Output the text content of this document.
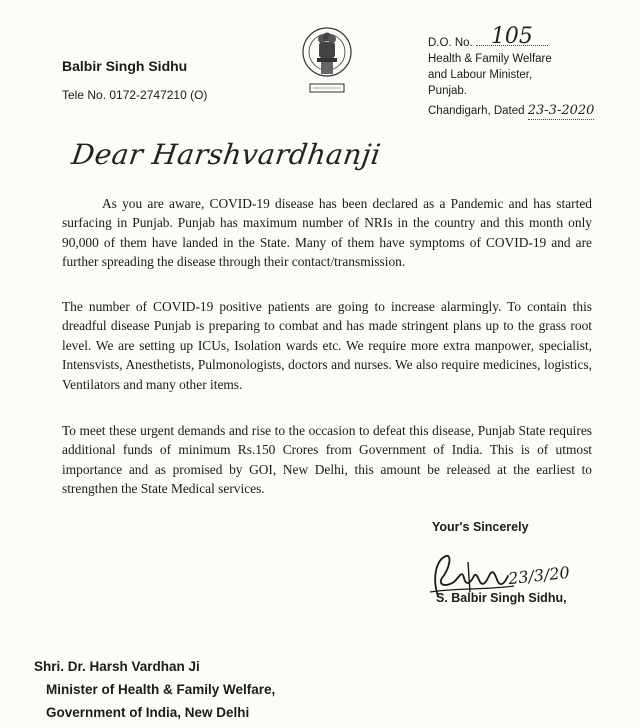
Balbir Singh Sidhu
Tele No. 0172-2747210 (O)
D.O. No. 105
Health & Family Welfare
and Labour Minister,
Punjab.
Chandigarh, Dated 23-3-2020
Dear Harshvardhanji
As you are aware, COVID-19 disease has been declared as a Pandemic and has started surfacing in Punjab. Punjab has maximum number of NRIs in the country and this month only 90,000 of them have landed in the State. Many of them have symptoms of COVID-19 and are further spreading the disease through their contact/transmission.
The number of COVID-19 positive patients are going to increase alarmingly. To contain this dreadful disease Punjab is preparing to combat and has made stringent plans up to the grass root level. We are setting up ICUs, Isolation wards etc. We require more extra manpower, specialist, Intensvists, Anesthetists, Pulmonologists, doctors and nurses. We also require medicines, logistics, Ventilators and many other items.
To meet these urgent demands and rise to the occasion to defeat this disease, Punjab State requires additional funds of minimum Rs.150 Crores from Government of India. This is of utmost importance and as promised by GOI, New Delhi, this amount be released at the earliest to strengthen the State Medical services.
Your's Sincerely
23/3/20
S. Balbir Singh Sidhu,
Shri. Dr. Harsh Vardhan Ji
Minister of Health & Family Welfare,
Government of India, New Delhi
